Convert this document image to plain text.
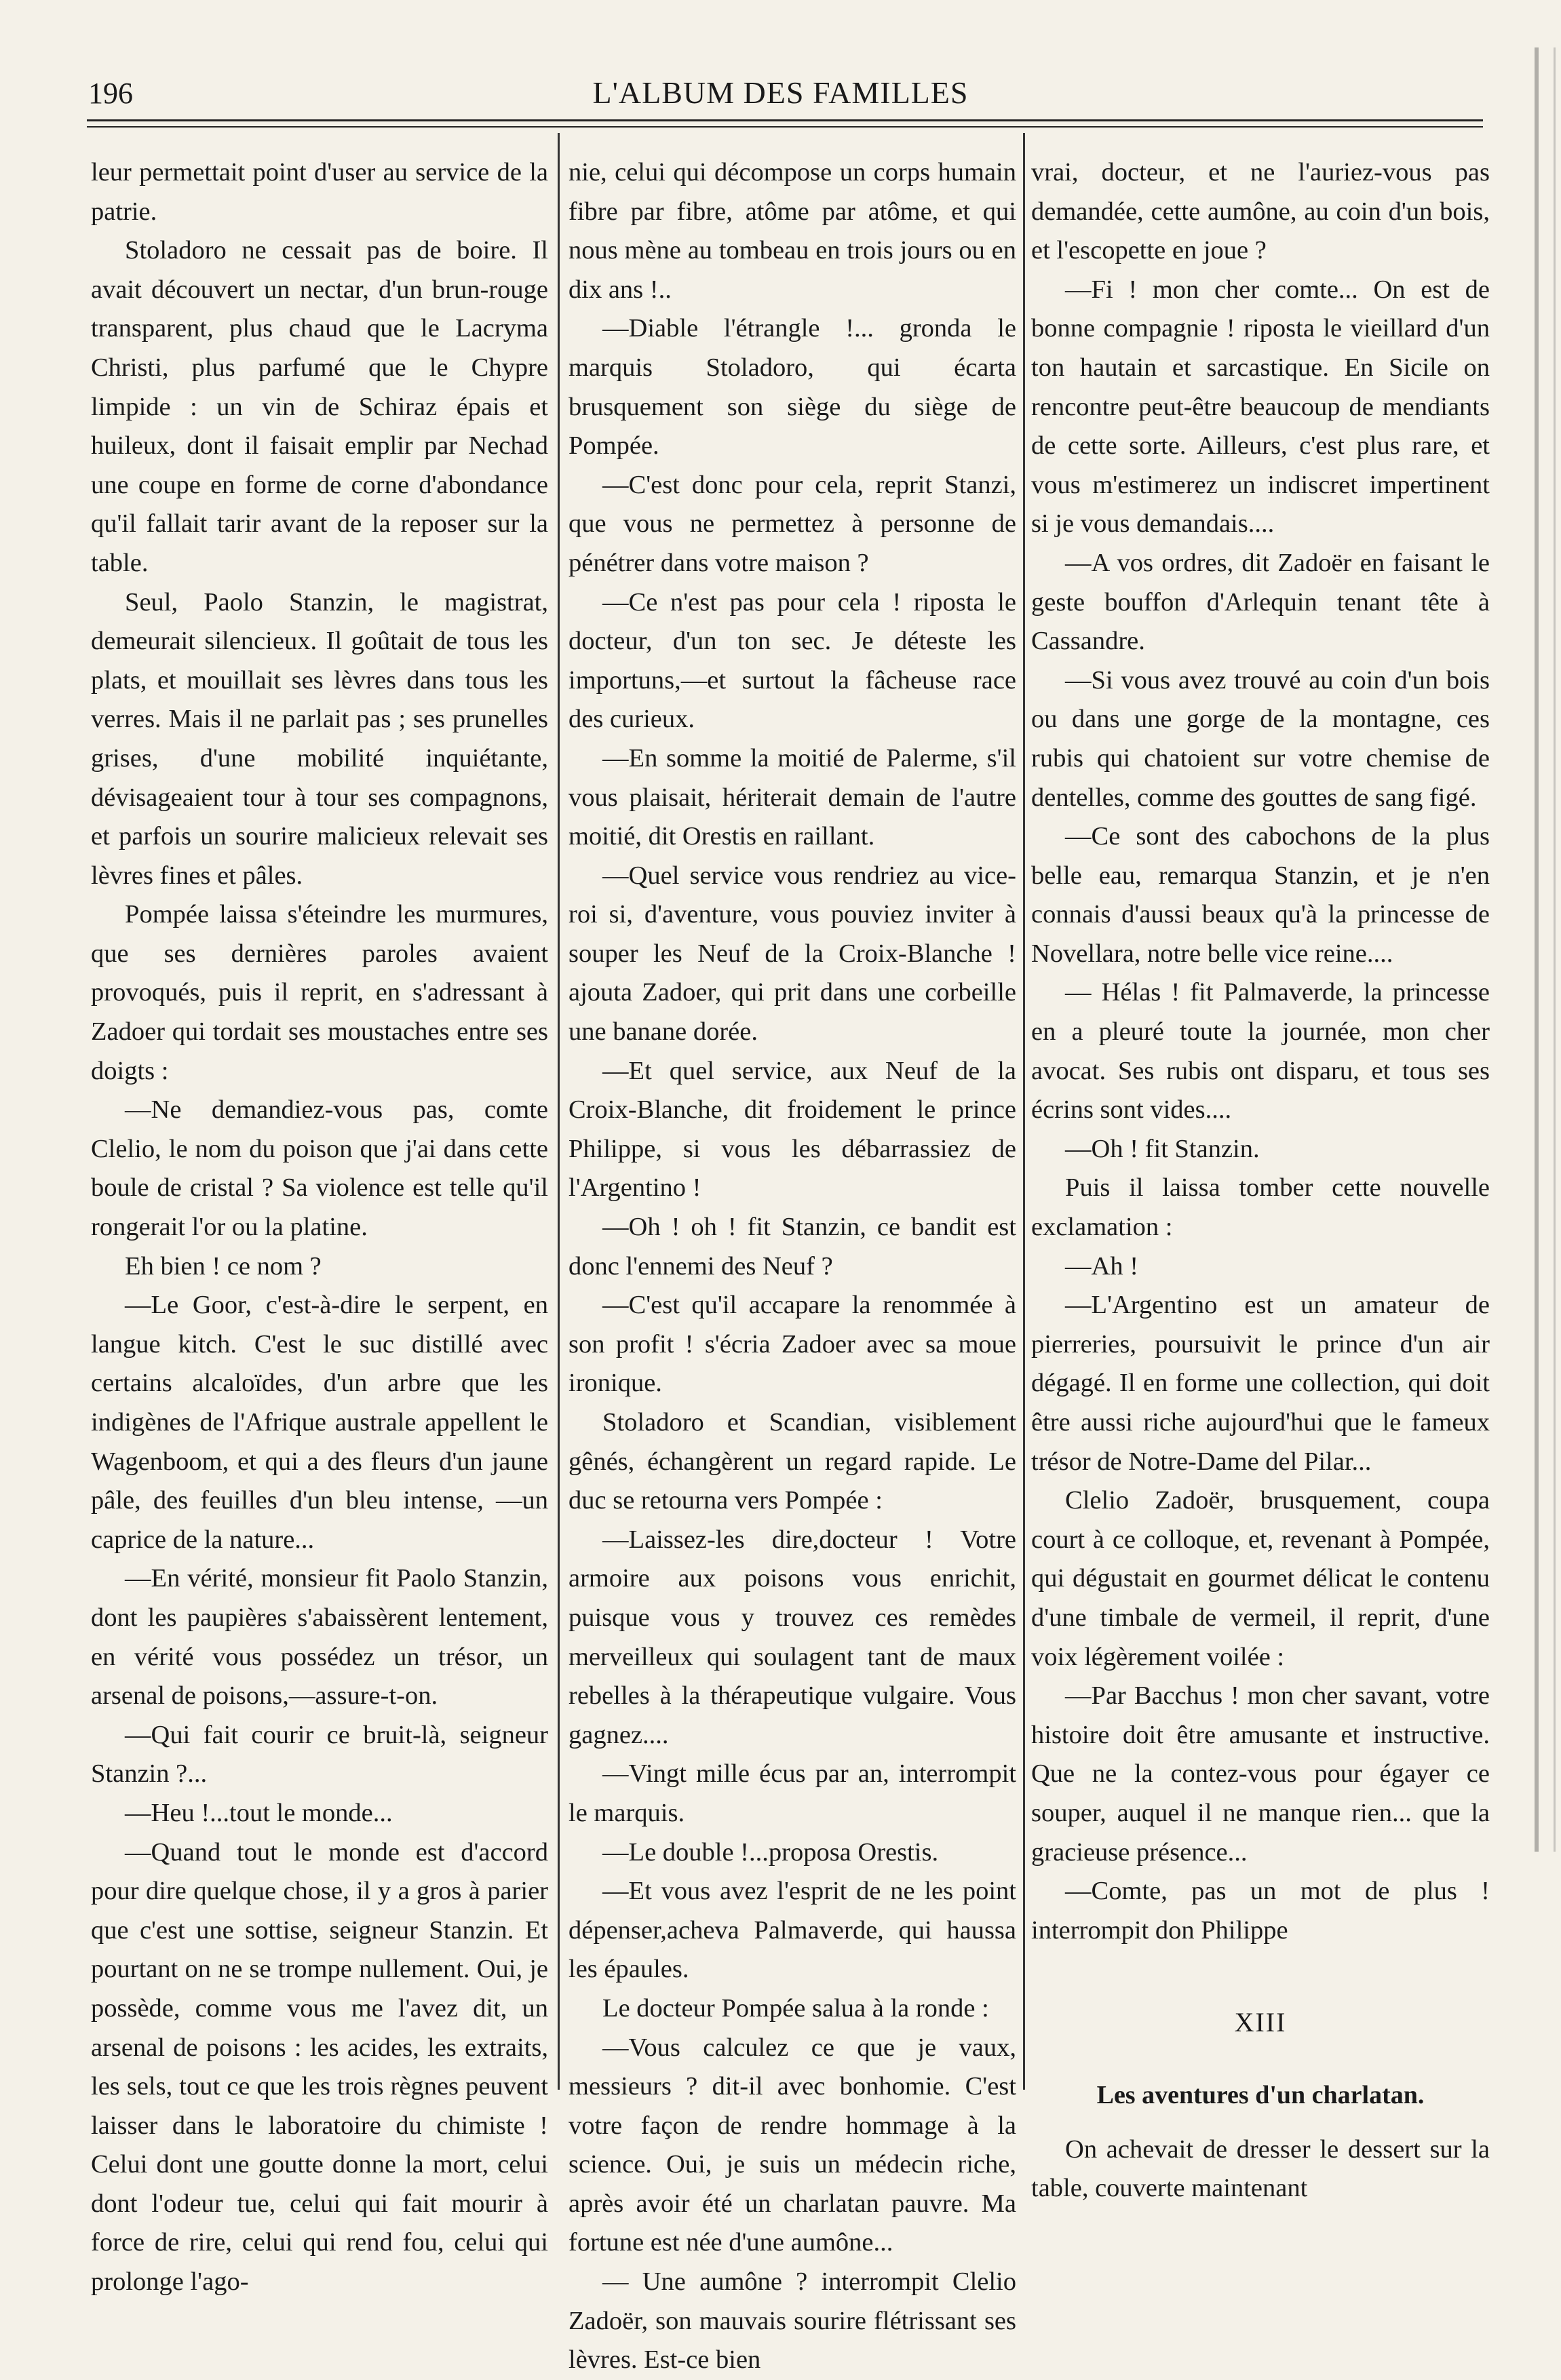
196	L'ALBUM DES FAMILLES

leur permettait point d'user au service de la patrie.

Stoladoro ne cessait pas de boire. Il avait découvert un nectar, d'un brun-rouge transparent, plus chaud que le Lacryma Christi, plus parfumé que le Chypre limpide : un vin de Schiraz épais et huileux, dont il faisait emplir par Nechad une coupe en forme de corne d'abondance qu'il fallait tarir avant de la reposer sur la table.

Seul, Paolo Stanzin, le magistrat, demeurait silencieux. Il goûtait de tous les plats, et mouillait ses lèvres dans tous les verres. Mais il ne parlait pas ; ses prunelles grises, d'une mobilité inquiétante, dévisageaient tour à tour ses compagnons, et parfois un sourire malicieux relevait ses lèvres fines et pâles.

Pompée laissa s'éteindre les murmures, que ses dernières paroles avaient provoqués, puis il reprit, en s'adressant à Zadoer qui tordait ses moustaches entre ses doigts :

—Ne demandiez-vous pas, comte Clelio, le nom du poison que j'ai dans cette boule de cristal ? Sa violence est telle qu'il rongerait l'or ou la platine.

Eh bien ! ce nom ?

—Le Goor, c'est-à-dire le serpent, en langue kitch. C'est le suc distillé avec certains alcaloïdes, d'un arbre que les indigènes de l'Afrique australe appellent le Wagenboom, et qui a des fleurs d'un jaune pâle, des feuilles d'un bleu intense, —un caprice de la nature...

—En vérité, monsieur fit Paolo Stanzin, dont les paupières s'abaissèrent lentement, en vérité vous possédez un trésor, un arsenal de poisons,—assure-t-on.

—Qui fait courir ce bruit-là, seigneur Stanzin ?...

—Heu !...tout le monde...

—Quand tout le monde est d'accord pour dire quelque chose, il y a gros à parier que c'est une sottise, seigneur Stanzin. Et pourtant on ne se trompe nullement. Oui, je possède, comme vous me l'avez dit, un arsenal de poisons : les acides, les extraits, les sels, tout ce que les trois règnes peuvent laisser dans le laboratoire du chimiste ! Celui dont une goutte donne la mort, celui dont l'odeur tue, celui qui fait mourir à force de rire, celui qui rend fou, celui qui prolonge l'ago-

nie, celui qui décompose un corps humain fibre par fibre, atôme par atôme, et qui nous mène au tombeau en trois jours ou en dix ans !..

—Diable l'étrangle !... gronda le marquis Stoladoro, qui écarta brusquement son siège du siège de Pompée.

—C'est donc pour cela, reprit Stanzi, que vous ne permettez à personne de pénétrer dans votre maison ?

—Ce n'est pas pour cela ! riposta le docteur, d'un ton sec. Je déteste les importuns,—et surtout la fâcheuse race des curieux.

—En somme la moitié de Palerme, s'il vous plaisait, hériterait demain de l'autre moitié, dit Orestis en raillant.

—Quel service vous rendriez au vice-roi si, d'aventure, vous pouviez inviter à souper les Neuf de la Croix-Blanche ! ajouta Zadoer, qui prit dans une corbeille une banane dorée.

—Et quel service, aux Neuf de la Croix-Blanche, dit froidement le prince Philippe, si vous les débarrassiez de l'Argentino !

—Oh ! oh ! fit Stanzin, ce bandit est donc l'ennemi des Neuf ?

—C'est qu'il accapare la renommée à son profit ! s'écria Zadoer avec sa moue ironique.

Stoladoro et Scandian, visiblement gênés, échangèrent un regard rapide. Le duc se retourna vers Pompée :

—Laissez-les dire,docteur ! Votre armoire aux poisons vous enrichit, puisque vous y trouvez ces remèdes merveilleux qui soulagent tant de maux rebelles à la thérapeutique vulgaire. Vous gagnez....

—Vingt mille écus par an, interrompit le marquis.

—Le double !...proposa Orestis.

—Et vous avez l'esprit de ne les point dépenser,acheva Palmaverde, qui haussa les épaules.

Le docteur Pompée salua à la ronde :

—Vous calculez ce que je vaux, messieurs ? dit-il avec bonhomie. C'est votre façon de rendre hommage à la science. Oui, je suis un médecin riche, après avoir été un charlatan pauvre. Ma fortune est née d'une aumône...

— Une aumône ? interrompit Clelio Zadoër, son mauvais sourire flétrissant ses lèvres. Est-ce bien

vrai, docteur, et ne l'auriez-vous pas demandée, cette aumône, au coin d'un bois, et l'escopette en joue ?

—Fi ! mon cher comte... On est de bonne compagnie ! riposta le vieillard d'un ton hautain et sarcastique. En Sicile on rencontre peut-être beaucoup de mendiants de cette sorte. Ailleurs, c'est plus rare, et vous m'estimerez un indiscret impertinent si je vous demandais....

—A vos ordres, dit Zadoër en faisant le geste bouffon d'Arlequin tenant tête à Cassandre.

—Si vous avez trouvé au coin d'un bois ou dans une gorge de la montagne, ces rubis qui chatoient sur votre chemise de dentelles, comme des gouttes de sang figé.

—Ce sont des cabochons de la plus belle eau, remarqua Stanzin, et je n'en connais d'aussi beaux qu'à la princesse de Novellara, notre belle vice reine....

— Hélas ! fit Palmaverde, la princesse en a pleuré toute la journée, mon cher avocat. Ses rubis ont disparu, et tous ses écrins sont vides....

—Oh ! fit Stanzin.

Puis il laissa tomber cette nouvelle exclamation :

—Ah !

—L'Argentino est un amateur de pierreries, poursuivit le prince d'un air dégagé. Il en forme une collection, qui doit être aussi riche aujourd'hui que le fameux trésor de Notre-Dame del Pilar...

Clelio Zadoër, brusquement, coupa court à ce colloque, et, revenant à Pompée, qui dégustait en gourmet délicat le contenu d'une timbale de vermeil, il reprit, d'une voix légèrement voilée :

—Par Bacchus ! mon cher savant, votre histoire doit être amusante et instructive. Que ne la contez-vous pour égayer ce souper, auquel il ne manque rien... que la gracieuse présence...

—Comte, pas un mot de plus ! interrompit don Philippe

XIII
Les aventures d'un charlatan.

On achevait de dresser le dessert sur la table, couverte maintenant
